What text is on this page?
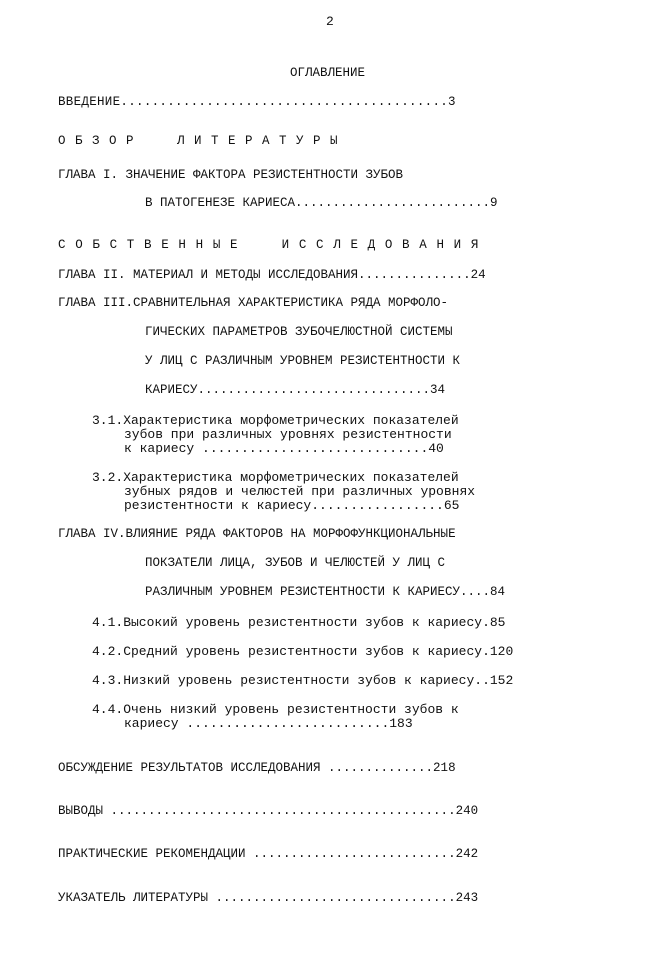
2
ОГЛАВЛЕНИЕ
ВВЕДЕНИЕ..........................................3
О Б З О Р     Л И Т Е Р А Т У Р Ы
ГЛАВА I. ЗНАЧЕНИЕ ФАКТОРА РЕЗИСТЕНТНОСТИ ЗУБОВ
В ПАТОГЕНЕЗЕ КАРИЕСА..........................9
С О Б С Т В Е Н Н Ы Е     И С С Л Е Д О В А Н И Я
ГЛАВА II. МАТЕРИАЛ И МЕТОДЫ ИССЛЕДОВАНИЯ...............24
ГЛАВА III.СРАВНИТЕЛЬНАЯ ХАРАКТЕРИСТИКА РЯДА МОРФОЛО-
ГИЧЕСКИХ ПАРАМЕТРОВ ЗУБОЧЕЛЮСТНОЙ СИСТЕМЫ
У ЛИЦ С РАЗЛИЧНЫМ УРОВНЕМ РЕЗИСТЕНТНОСТИ К
КАРИЕСУ...............................34
3.1.Характеристика морфометрических показателей
зубов при различных уровнях резистентности
к кариесу .............................40
3.2.Характеристика морфометрических показателей
зубных рядов и челюстей при различных уровнях
резистентности к кариесу.................65
ГЛАВА IV.ВЛИЯНИЕ РЯДА ФАКТОРОВ НА МОРФОФУНКЦИОНАЛЬНЫЕ
ПОКЗАТЕЛИ ЛИЦА, ЗУБОВ И ЧЕЛЮСТЕЙ У ЛИЦ С
РАЗЛИЧНЫМ УРОВНЕМ РЕЗИСТЕНТНОСТИ К КАРИЕСУ....84
4.1.Высокий уровень резистентности зубов к кариесу.85
4.2.Средний уровень резистентности зубов к кариесу.120
4.3.Низкий уровень резистентности зубов к кариесу..152
4.4.Очень низкий уровень резистентности зубов к
кариесу ..........................183
ОБСУЖДЕНИЕ РЕЗУЛЬТАТОВ ИССЛЕДОВАНИЯ ..............218
ВЫВОДЫ ..............................................240
ПРАКТИЧЕСКИЕ РЕКОМЕНДАЦИИ ...........................242
УКАЗАТЕЛЬ ЛИТЕРАТУРЫ ................................243
